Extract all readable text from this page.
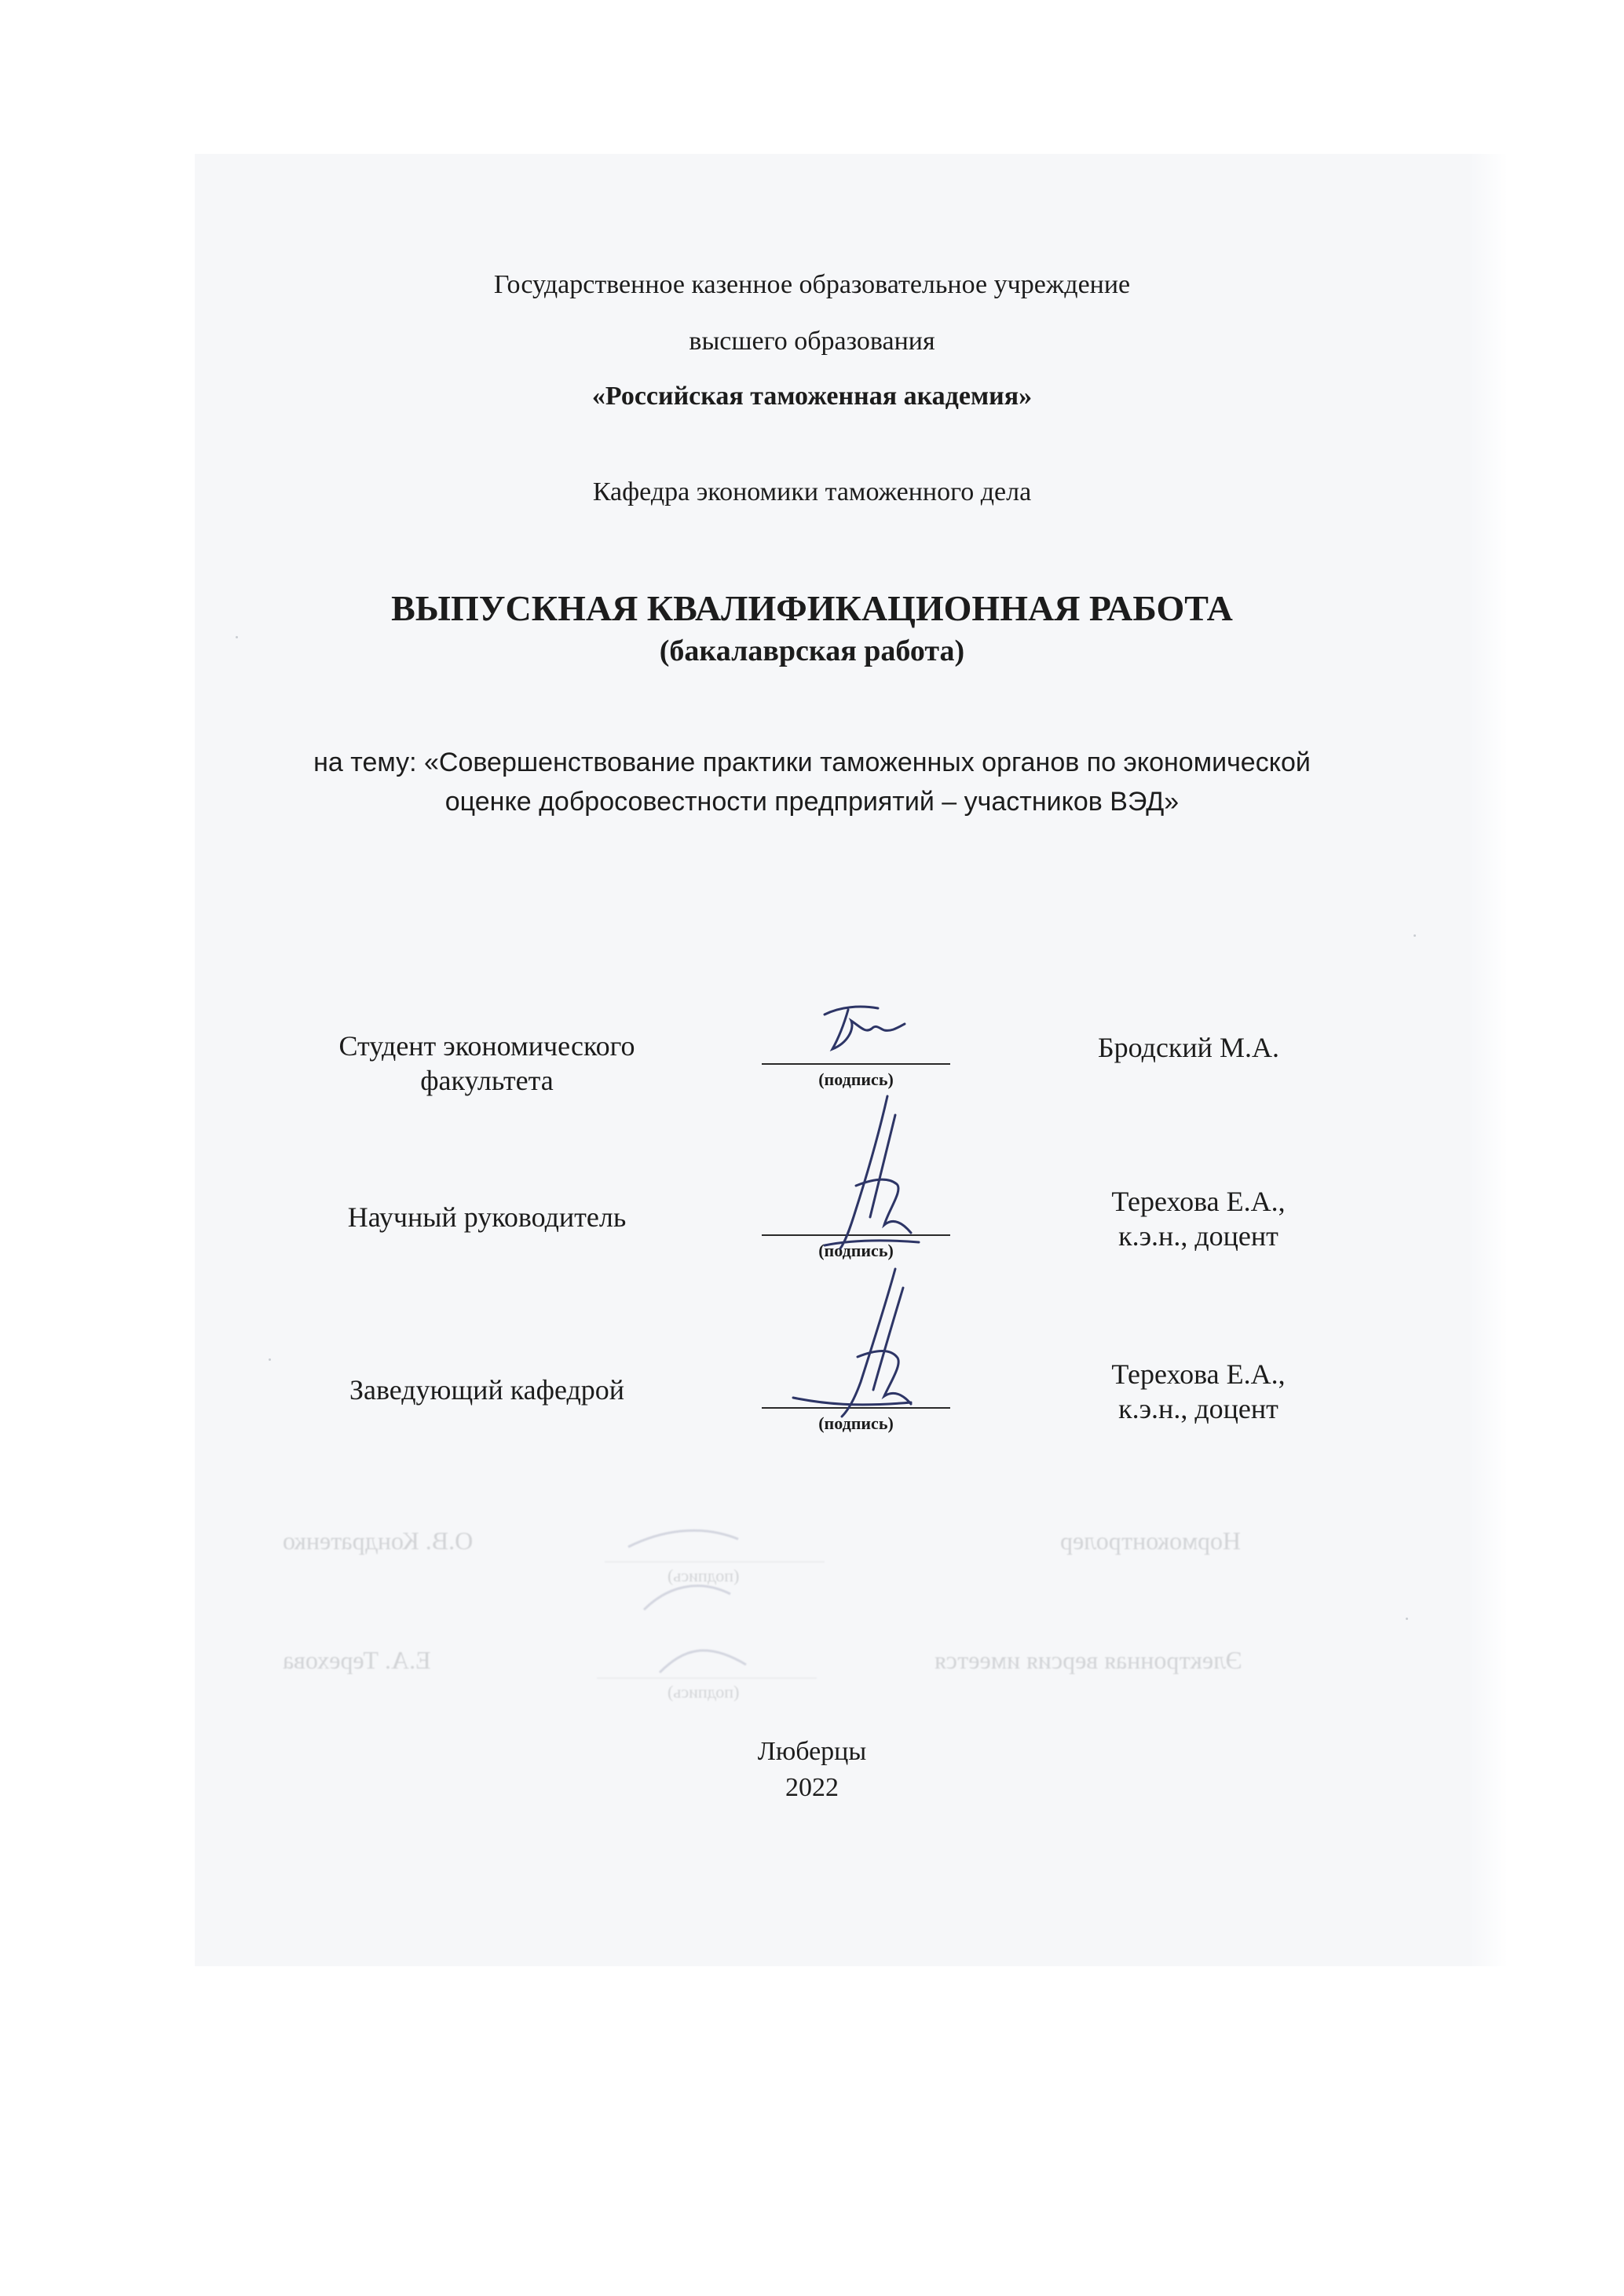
Государственное казенное образовательное учреждение
высшего образования
«Российская таможенная академия»
Кафедра экономики таможенного дела
ВЫПУСКНАЯ КВАЛИФИКАЦИОННАЯ РАБОТА
(бакалаврская работа)
на тему: «Совершенствование практики таможенных органов по экономической
оценке добросовестности предприятий – участников ВЭД»
Студент экономического
факультета	(подпись)
Бродский М.А.
Научный руководитель
(подпись)
Терехова Е.А.,
к.э.н., доцент
Заведующий кафедрой
(подпись)
Терехова Е.А.,
к.э.н., доцент
Нормоконтролер
(подпись)
О.В. Кондратенко
Электронная версия имеется
(подпись)
Е.А. Терехова
Люберцы
2022
